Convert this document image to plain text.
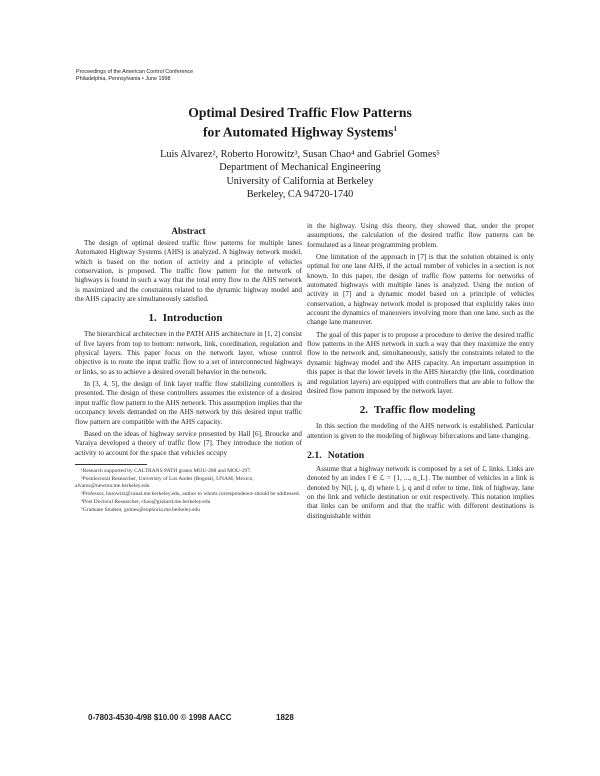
Proceedings of the American Control Conference
Philadelphia, Pennsylvania • June 1998
Optimal Desired Traffic Flow Patterns
for Automated Highway Systems$^1$
Luis Alvarez², Roberto Horowitz³, Susan Chao⁴ and Gabriel Gomes⁵
Department of Mechanical Engineering
University of California at Berkeley
Berkeley, CA 94720-1740
Abstract

The design of optimal desired traffic flow patterns for multiple lanes Automated Highway Systems (AHS) is analyzed. A highway network model, which is based on the notion of activity and a principle of vehicles conservation, is proposed. The traffic flow pattern for the network of highways is found in such a way that the total entry flow to the AHS network is maximized and the constraints related to the dynamic highway model and the AHS capacity are simultaneously satisfied.

1. Introduction

The hierarchical architecture in the PATH AHS architecture in [1, 2] consist of five layers from top to bottom: network, link, coordination, regulation and physical layers. This paper focus on the network layer, whose control objective is to route the input traffic flow to a set of interconnected highways or links, so as to achieve a desired overall behavior in the network.

In [3, 4, 5], the design of link layer traffic flow stabilizing controllers is presented. The design of these controllers assumes the existence of a desired input traffic flow pattern to the AHS network. This assumption implies that the occupancy levels demanded on the AHS network by this desired input traffic flow pattern are compatible with the AHS capacity.

Based on the ideas of highway service presented by Hall [6], Broucke and Varaiya developed a theory of traffic flow [7]. They introduce the notion of activity to account for the space that vehicles occupy

¹Research supported by CALTRANS PATH grants MOU-288 and MOU-297.

²Postdoctoral Researcher, University of Los Andes (Bogotá), UNAM, México, alvarez@newton.me.berkeley.edu

³Professor, horowitz@canal.me.berkeley.edu, author to whom correspondence should be addressed.

⁴Post Doctoral Researcher, chao@giskard.me.berkeley.edu

⁵Graduate Student, gomes@euphoria.me.berkeley.edu

in the highway. Using this theory, they showed that, under the proper assumptions, the calculation of the desired traffic flow patterns can be formulated as a linear programming problem.

One limitation of the approach in [7] is that the solution obtained is only optimal for one lane AHS, if the actual number of vehicles in a section is not known. In this paper, the design of traffic flow patterns for networks of automated highways with multiple lanes is analyzed. Using the notion of activity in [7] and a dynamic model based on a principle of vehicles conservation, a highway network model is proposed that explicitly takes into account the dynamics of maneuvers involving more than one lane, such as the change lane maneuver.

The goal of this paper is to propose a procedure to derive the desired traffic flow patterns in the AHS network in such a way that they maximize the entry flow to the network and, simultaneously, satisfy the constraints related to the dynamic highway model and the AHS capacity. An important assumption in this paper is that the lower levels in the AHS hierarchy (the link, coordination and regulation layers) are equipped with controllers that are able to follow the desired flow pattern imposed by the network layer.

2. Traffic flow modeling

In this section the modeling of the AHS network is established. Particular attention is given to the modeling of highway bifurcations and lane changing.

2.1. Notation

Assume that a highway network is composed by a set of ℒ links. Links are denoted by an index l ∈ ℒ = {1, ..., n_L}. The number of vehicles in a link is denoted by N(l, j, q, d) where l, j, q and d refer to time, link of highway, lane on the link and vehicle destination or exit respectively. This notation implies that links can be uniform and that the traffic with different destinations is distinguishable within

0-7803-4530-4/98 $10.00 © 1998 AACC	1828
